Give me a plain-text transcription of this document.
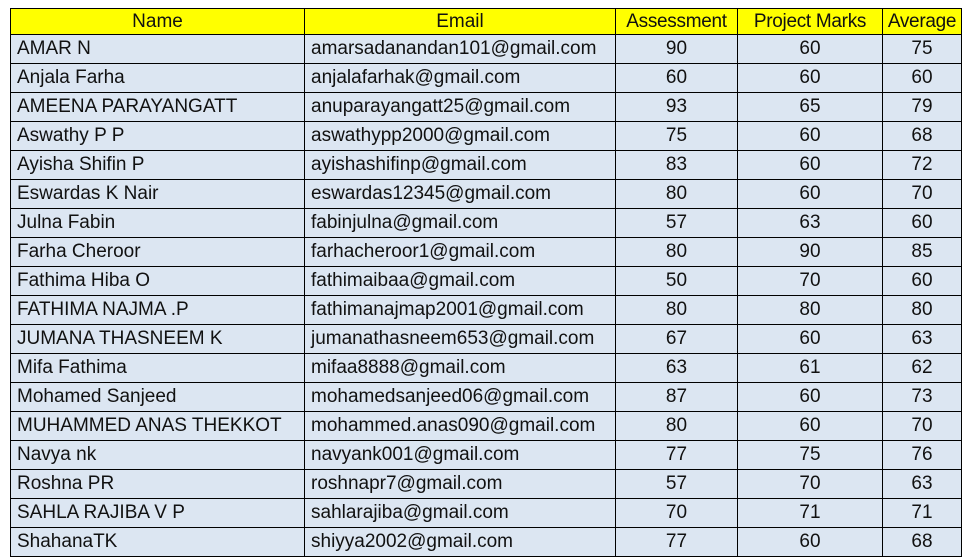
Name	Email	Assessment	Project Marks	Average
AMAR N	amarsadanandan101@gmail.com	90	60	75
Anjala Farha	anjalafarhak@gmail.com	60	60	60
AMEENA PARAYANGATT	anuparayangatt25@gmail.com	93	65	79
Aswathy P P	aswathypp2000@gmail.com	75	60	68
Ayisha Shifin P	ayishashifinp@gmail.com	83	60	72
Eswardas K Nair	eswardas12345@gmail.com	80	60	70
Julna Fabin	fabinjulna@gmail.com	57	63	60
Farha Cheroor	farhacheroor1@gmail.com	80	90	85
Fathima Hiba O	fathimaibaa@gmail.com	50	70	60
FATHIMA NAJMA .P	fathimanajmap2001@gmail.com	80	80	80
JUMANA THASNEEM K	jumanathasneem653@gmail.com	67	60	63
Mifa Fathima	mifaa8888@gmail.com	63	61	62
Mohamed Sanjeed	mohamedsanjeed06@gmail.com	87	60	73
MUHAMMED ANAS THEKKOT	mohammed.anas090@gmail.com	80	60	70
Navya nk	navyank001@gmail.com	77	75	76
Roshna PR	roshnapr7@gmail.com	57	70	63
SAHLA RAJIBA V P	sahlarajiba@gmail.com	70	71	71
ShahanaTK	shiyya2002@gmail.com	77	60	68
